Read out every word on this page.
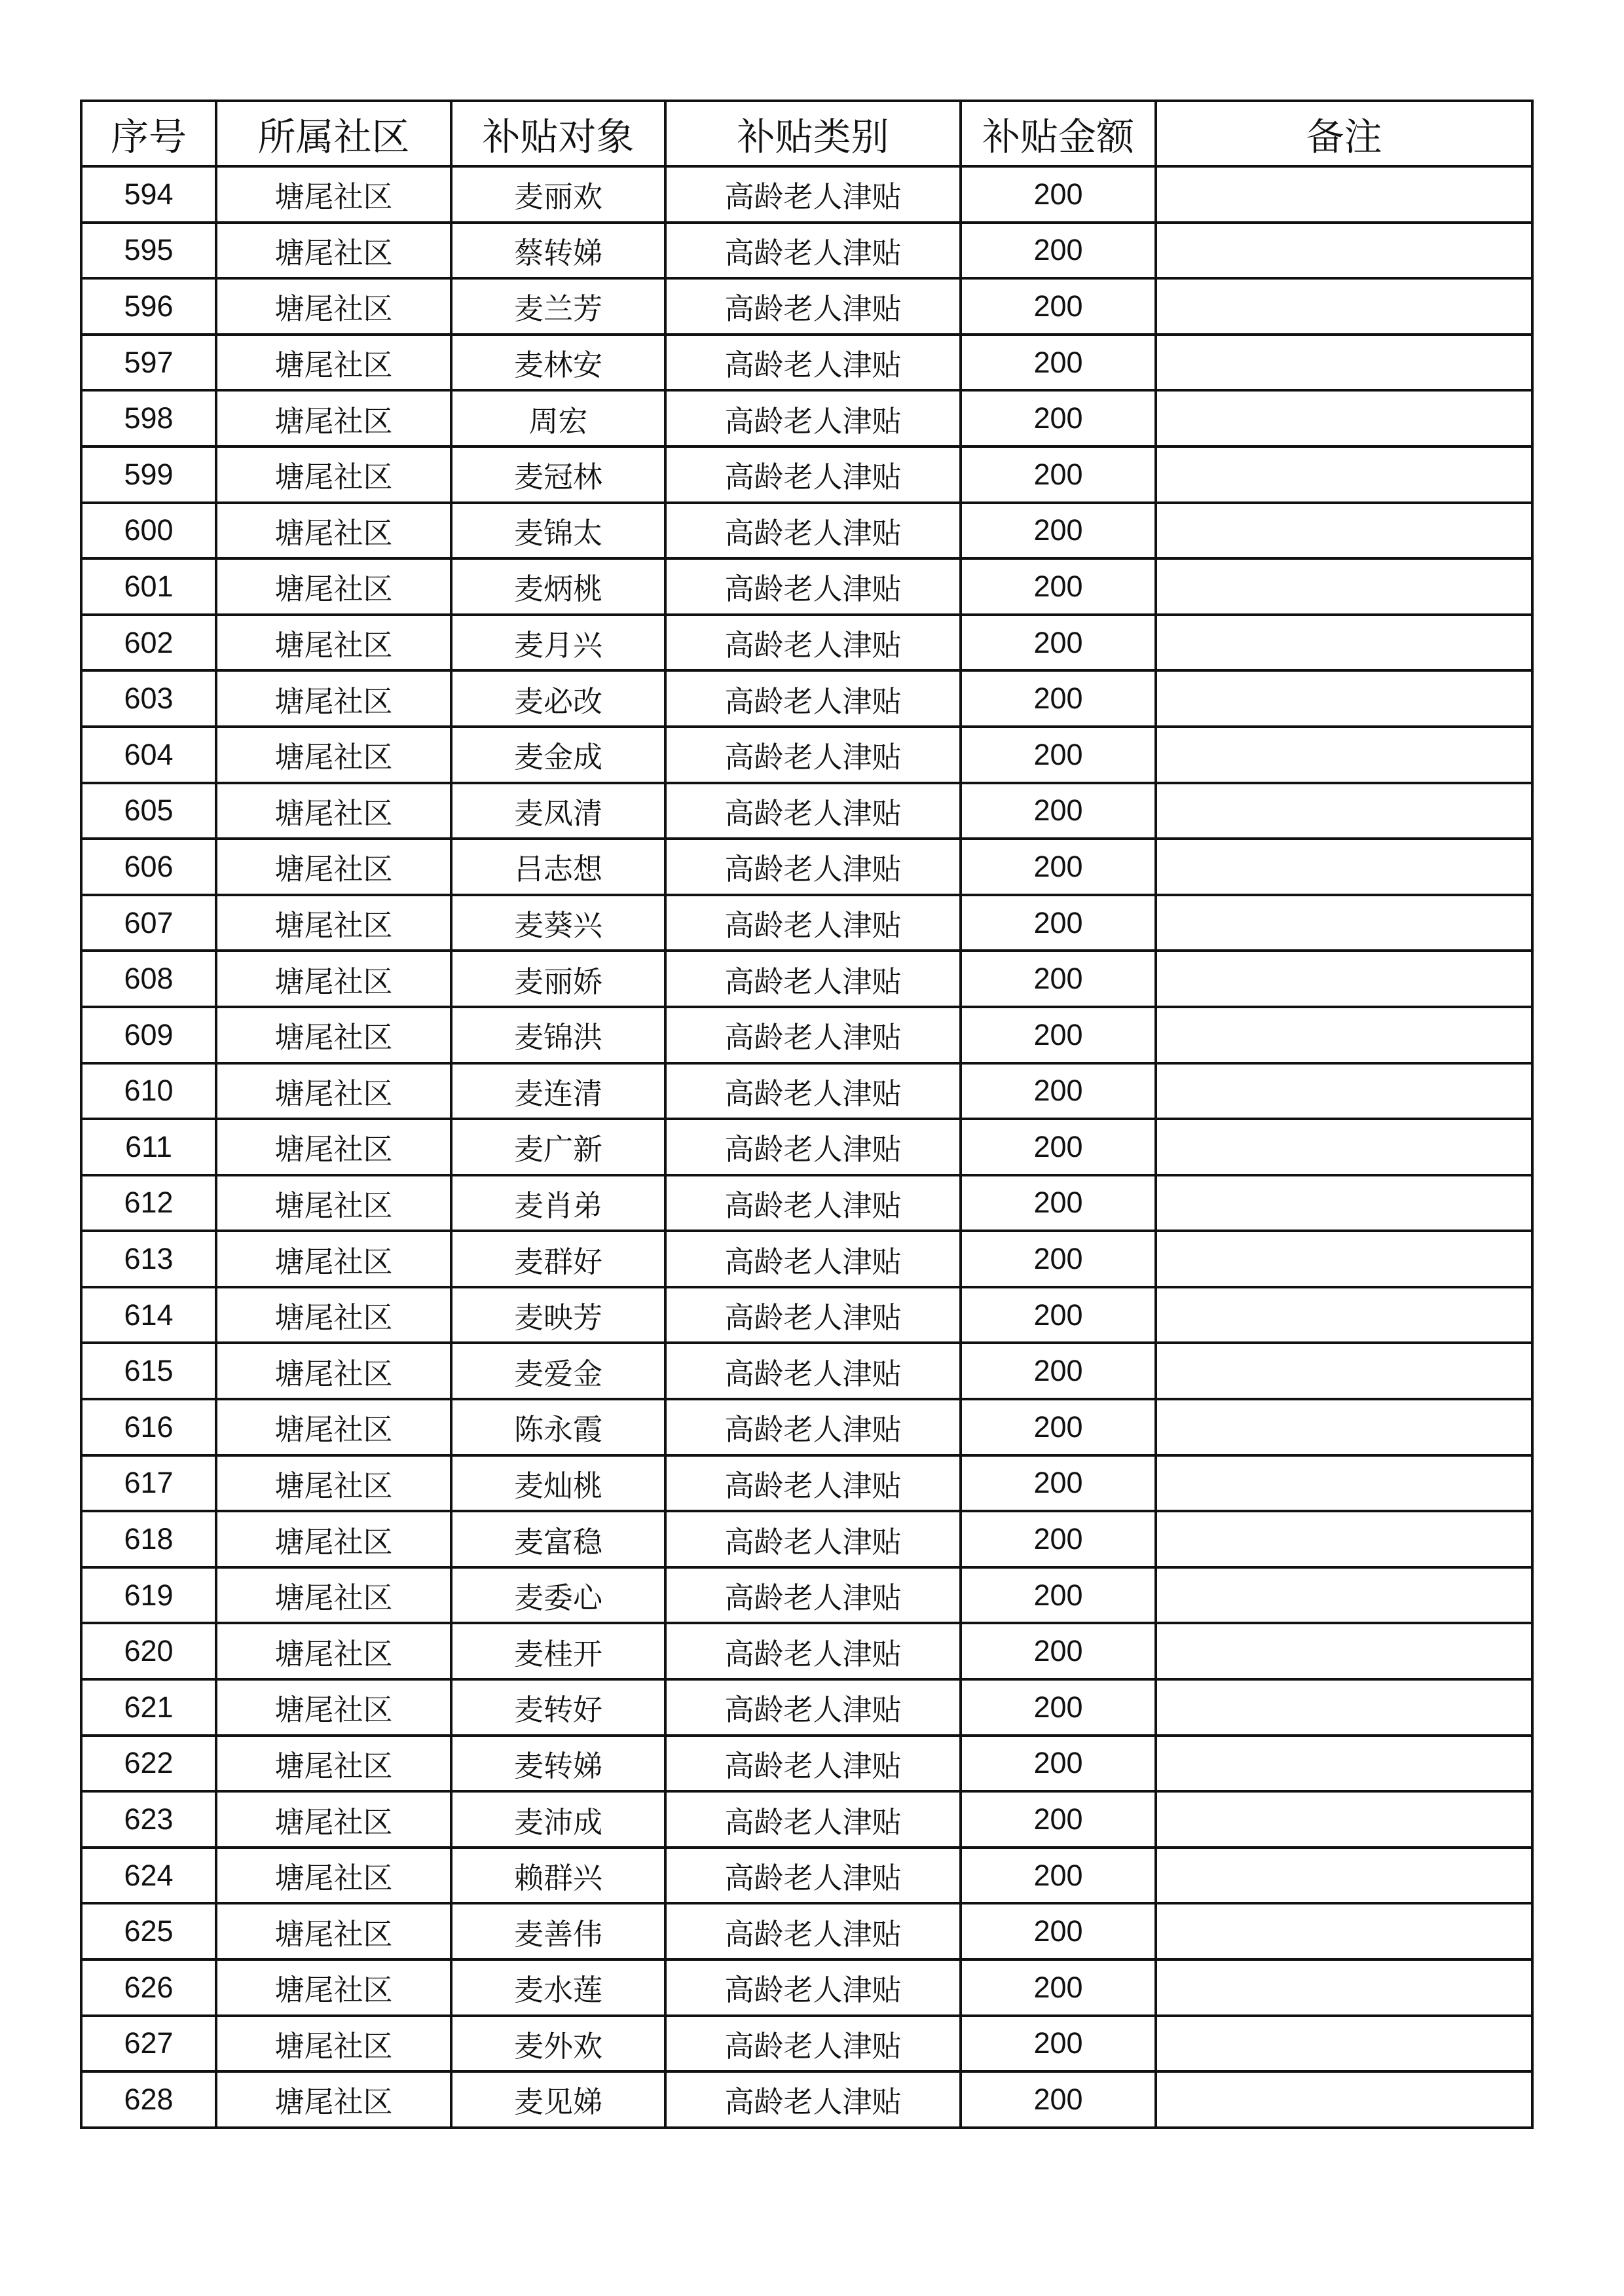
序号	所属社区	补贴对象	补贴类别	补贴金额	备注
594	塘尾社区	麦丽欢	高龄老人津贴	200	
595	塘尾社区	蔡转娣	高龄老人津贴	200	
596	塘尾社区	麦兰芳	高龄老人津贴	200	
597	塘尾社区	麦林安	高龄老人津贴	200	
598	塘尾社区	周宏	高龄老人津贴	200	
599	塘尾社区	麦冠林	高龄老人津贴	200	
600	塘尾社区	麦锦太	高龄老人津贴	200	
601	塘尾社区	麦炳桃	高龄老人津贴	200	
602	塘尾社区	麦月兴	高龄老人津贴	200	
603	塘尾社区	麦必改	高龄老人津贴	200	
604	塘尾社区	麦金成	高龄老人津贴	200	
605	塘尾社区	麦凤清	高龄老人津贴	200	
606	塘尾社区	吕志想	高龄老人津贴	200	
607	塘尾社区	麦葵兴	高龄老人津贴	200	
608	塘尾社区	麦丽娇	高龄老人津贴	200	
609	塘尾社区	麦锦洪	高龄老人津贴	200	
610	塘尾社区	麦连清	高龄老人津贴	200	
611	塘尾社区	麦广新	高龄老人津贴	200	
612	塘尾社区	麦肖弟	高龄老人津贴	200	
613	塘尾社区	麦群好	高龄老人津贴	200	
614	塘尾社区	麦映芳	高龄老人津贴	200	
615	塘尾社区	麦爱金	高龄老人津贴	200	
616	塘尾社区	陈永霞	高龄老人津贴	200	
617	塘尾社区	麦灿桃	高龄老人津贴	200	
618	塘尾社区	麦富稳	高龄老人津贴	200	
619	塘尾社区	麦委心	高龄老人津贴	200	
620	塘尾社区	麦桂开	高龄老人津贴	200	
621	塘尾社区	麦转好	高龄老人津贴	200	
622	塘尾社区	麦转娣	高龄老人津贴	200	
623	塘尾社区	麦沛成	高龄老人津贴	200	
624	塘尾社区	赖群兴	高龄老人津贴	200	
625	塘尾社区	麦善伟	高龄老人津贴	200	
626	塘尾社区	麦水莲	高龄老人津贴	200	
627	塘尾社区	麦外欢	高龄老人津贴	200	
628	塘尾社区	麦见娣	高龄老人津贴	200	
